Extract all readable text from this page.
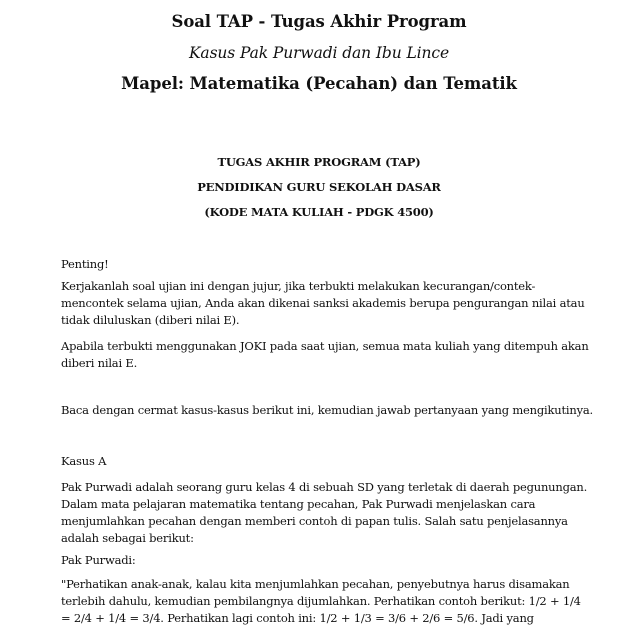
Soal TAP - Tugas Akhir Program
Kasus Pak Purwadi dan Ibu Lince
Mapel: Matematika (Pecahan) dan Tematik
TUGAS AKHIR PROGRAM (TAP)
PENDIDIKAN GURU SEKOLAH DASAR
(KODE MATA KULIAH - PDGK 4500)
Penting!
Kerjakanlah soal ujian ini dengan jujur, jika terbukti melakukan kecurangan/contek-
mencontek selama ujian, Anda akan dikenai sanksi akademis berupa pengurangan nilai atau
tidak diluluskan (diberi nilai E).
Apabila terbukti menggunakan JOKI pada saat ujian, semua mata kuliah yang ditempuh akan
diberi nilai E.
Baca dengan cermat kasus-kasus berikut ini, kemudian jawab pertanyaan yang mengikutinya.
Kasus A
Pak Purwadi adalah seorang guru kelas 4 di sebuah SD yang terletak di daerah pegunungan.
Dalam mata pelajaran matematika tentang pecahan, Pak Purwadi menjelaskan cara
menjumlahkan pecahan dengan memberi contoh di papan tulis. Salah satu penjelasannya
adalah sebagai berikut:
Pak Purwadi:
"Perhatikan anak-anak, kalau kita menjumlahkan pecahan, penyebutnya harus disamakan
terlebih dahulu, kemudian pembilangnya dijumlahkan. Perhatikan contoh berikut: 1/2 + 1/4
= 2/4 + 1/4 = 3/4. Perhatikan lagi contoh ini: 1/2 + 1/3 = 3/6 + 2/6 = 5/6. Jadi yang
